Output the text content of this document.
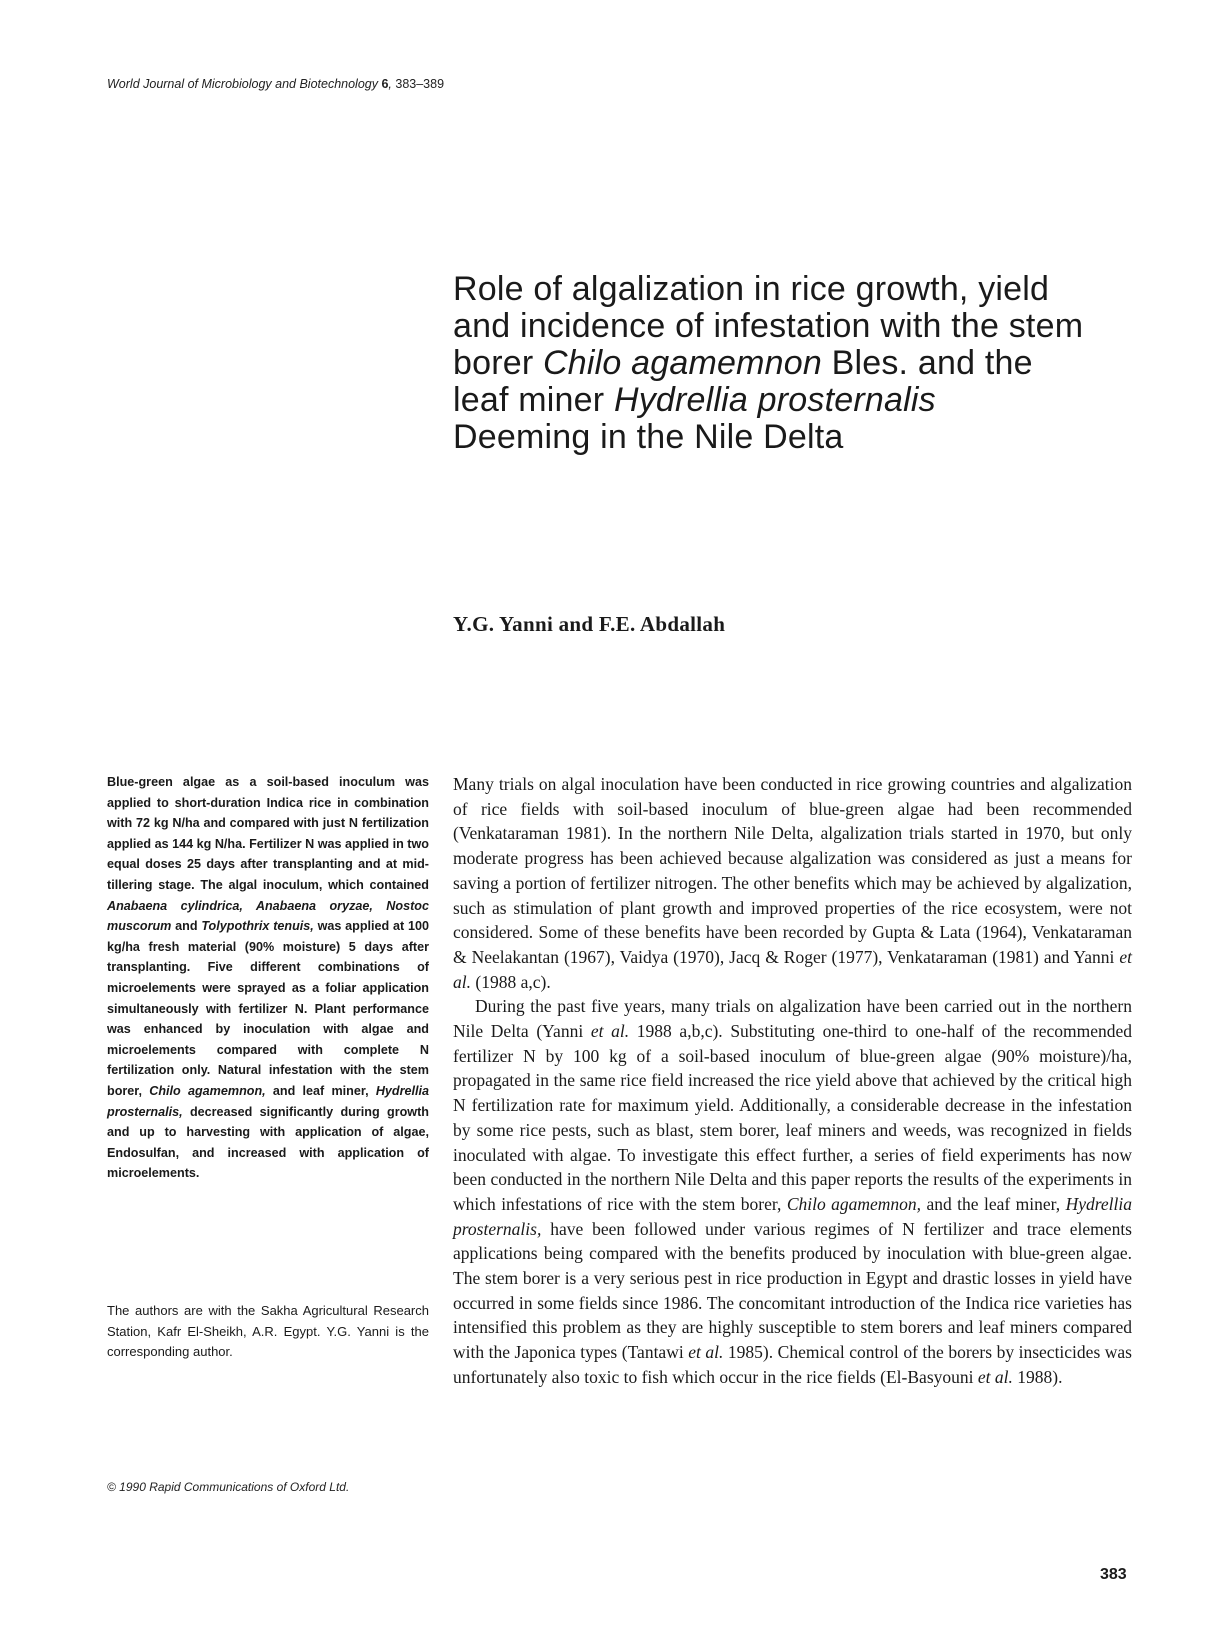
World Journal of Microbiology and Biotechnology 6, 383–389
Role of algalization in rice growth, yield
and incidence of infestation with the stem
borer Chilo agamemnon Bles. and the
leaf miner Hydrellia prosternalis
Deeming in the Nile Delta
Y.G. Yanni and F.E. Abdallah

Blue-green algae as a soil-based inoculum was applied to short-duration Indica rice in combination with 72 kg N/ha and compared with just N fertilization applied as 144 kg N/ha. Fertilizer N was applied in two equal doses 25 days after transplanting and at mid-tillering stage. The algal inoculum, which contained Anabaena cylindrica, Anabaena oryzae, Nostoc muscorum and Tolypothrix tenuis, was applied at 100 kg/ha fresh material (90% moisture) 5 days after transplanting. Five different combinations of microelements were sprayed as a foliar application simultaneously with fertilizer N. Plant performance was enhanced by inoculation with algae and microelements compared with complete N fertilization only. Natural infestation with the stem borer, Chilo agamemnon, and leaf miner, Hydrellia prosternalis, decreased significantly during growth and up to harvesting with application of algae, Endosulfan, and increased with application of microelements.

The authors are with the Sakha Agricultural Research Station, Kafr El-Sheikh, A.R. Egypt. Y.G. Yanni is the corresponding author.

© 1990 Rapid Communications of Oxford Ltd.

Many trials on algal inoculation have been conducted in rice growing countries and algalization of rice fields with soil-based inoculum of blue-green algae had been recommended (Venkataraman 1981). In the northern Nile Delta, algalization trials started in 1970, but only moderate progress has been achieved because algalization was considered as just a means for saving a portion of fertilizer nitrogen. The other benefits which may be achieved by algalization, such as stimulation of plant growth and improved properties of the rice ecosystem, were not considered. Some of these benefits have been recorded by Gupta & Lata (1964), Venkataraman & Neelakantan (1967), Vaidya (1970), Jacq & Roger (1977), Venkataraman (1981) and Yanni et al. (1988 a,c).

During the past five years, many trials on algalization have been carried out in the northern Nile Delta (Yanni et al. 1988 a,b,c). Substituting one-third to one-half of the recommended fertilizer N by 100 kg of a soil-based inoculum of blue-green algae (90% moisture)/ha, propagated in the same rice field increased the rice yield above that achieved by the critical high N fertilization rate for maximum yield. Additionally, a considerable decrease in the infestation by some rice pests, such as blast, stem borer, leaf miners and weeds, was recognized in fields inoculated with algae. To investigate this effect further, a series of field experiments has now been conducted in the northern Nile Delta and this paper reports the results of the experiments in which infestations of rice with the stem borer, Chilo agamemnon, and the leaf miner, Hydrellia prosternalis, have been followed under various regimes of N fertilizer and trace elements applications being compared with the benefits produced by inoculation with blue-green algae. The stem borer is a very serious pest in rice production in Egypt and drastic losses in yield have occurred in some fields since 1986. The concomitant introduction of the Indica rice varieties has intensified this problem as they are highly susceptible to stem borers and leaf miners compared with the Japonica types (Tantawi et al. 1985). Chemical control of the borers by insecticides was unfortunately also toxic to fish which occur in the rice fields (El-Basyouni et al. 1988).

383
